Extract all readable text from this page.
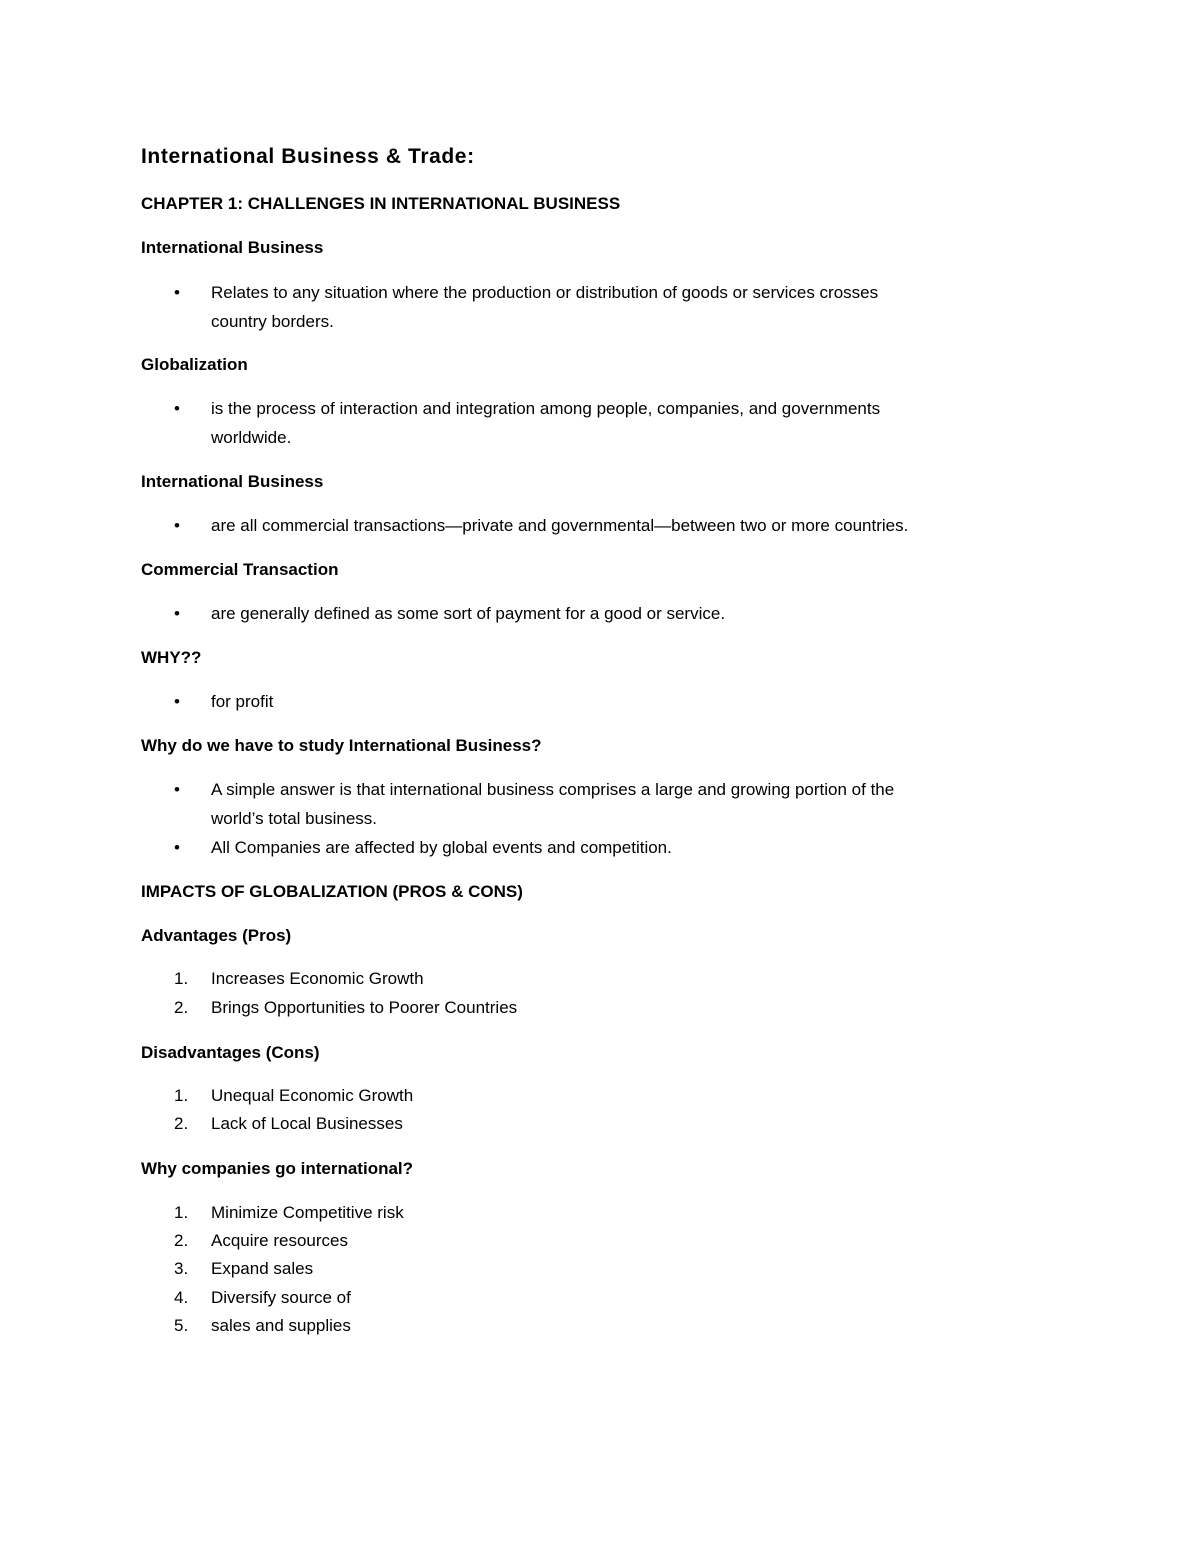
International Business & Trade:
CHAPTER 1: CHALLENGES IN INTERNATIONAL BUSINESS
International Business
• Relates to any situation where the production or distribution of goods or services crosses
country borders.
Globalization
• is the process of interaction and integration among people, companies, and governments
worldwide.
International Business
• are all commercial transactions—private and governmental—between two or more countries.
Commercial Transaction
• are generally defined as some sort of payment for a good or service.
WHY??
• for profit
Why do we have to study International Business?
• A simple answer is that international business comprises a large and growing portion of the
world’s total business.
• All Companies are affected by global events and competition.
IMPACTS OF GLOBALIZATION (PROS & CONS)
Advantages (Pros)
1. Increases Economic Growth
2. Brings Opportunities to Poorer Countries
Disadvantages (Cons)
1. Unequal Economic Growth
2. Lack of Local Businesses
Why companies go international?
1. Minimize Competitive risk
2. Acquire resources
3. Expand sales
4. Diversify source of
5. sales and supplies
